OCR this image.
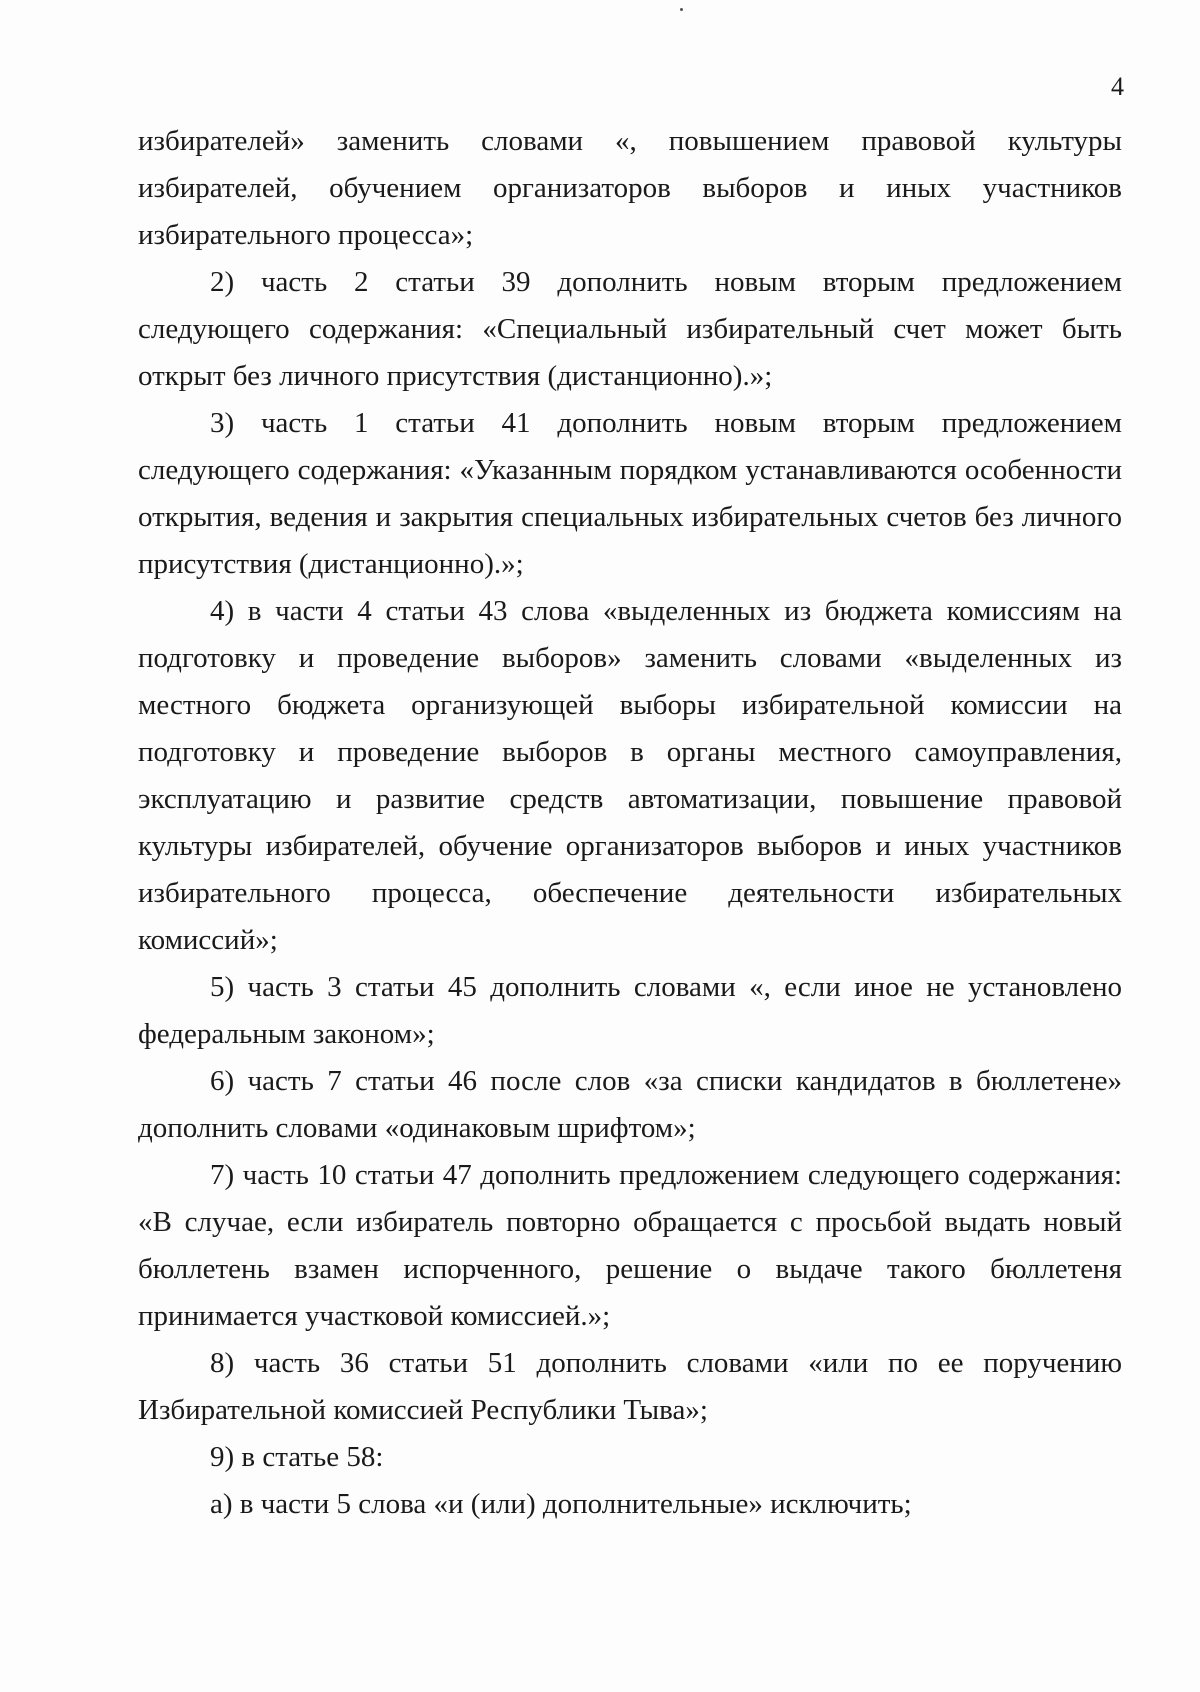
4

избирателей» заменить словами «, повышением правовой культуры избирателей, обучением организаторов выборов и иных участников избирательного процесса»;

2) часть 2 статьи 39 дополнить новым вторым предложением следующего содержания: «Специальный избирательный счет может быть открыт без личного присутствия (дистанционно).»;

3) часть 1 статьи 41 дополнить новым вторым предложением следующего содержания: «Указанным порядком устанавливаются особенности открытия, ведения и закрытия специальных избирательных счетов без личного присутствия (дистанционно).»;

4) в части 4 статьи 43 слова «выделенных из бюджета комиссиям на подготовку и проведение выборов» заменить словами «выделенных из местного бюджета организующей выборы избирательной комиссии на подготовку и проведение выборов в органы местного самоуправления, эксплуатацию и развитие средств автоматизации, повышение правовой культуры избирателей, обучение организаторов выборов и иных участников избирательного процесса, обеспечение деятельности избирательных комиссий»;

5) часть 3 статьи 45 дополнить словами «, если иное не установлено федеральным законом»;

6) часть 7 статьи 46 после слов «за списки кандидатов в бюллетене» дополнить словами «одинаковым шрифтом»;

7) часть 10 статьи 47 дополнить предложением следующего содержания: «В случае, если избиратель повторно обращается с просьбой выдать новый бюллетень взамен испорченного, решение о выдаче такого бюллетеня принимается участковой комиссией.»;

8) часть 36 статьи 51 дополнить словами «или по ее поручению Избирательной комиссией Республики Тыва»;

9) в статье 58:

а) в части 5 слова «и (или) дополнительные» исключить;
